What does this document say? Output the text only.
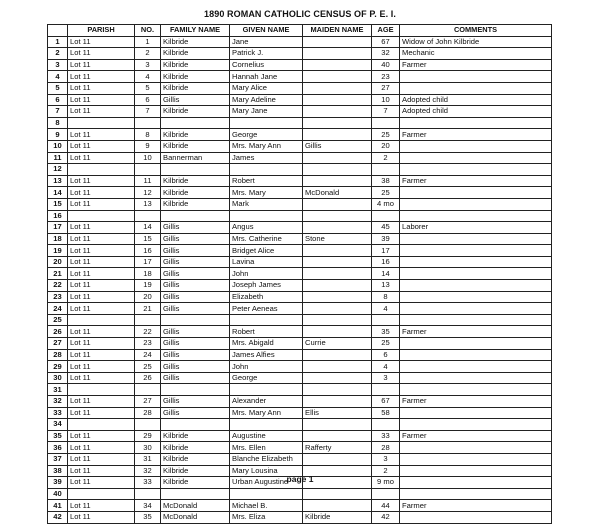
1890 ROMAN CATHOLIC CENSUS OF P. E. I.
	PARISH	NO.	FAMILY NAME	GIVEN NAME	MAIDEN NAME	AGE	COMMENTS
1	Lot 11	1	Kilbride	Jane		67	Widow of John Kilbride
2	Lot 11	2	Kilbride	Patrick J.		32	Mechanic
3	Lot 11	3	Kilbride	Cornelius		40	Farmer
4	Lot 11	4	Kilbride	Hannah Jane		23	
5	Lot 11	5	Kilbride	Mary Alice		27	
6	Lot 11	6	Gillis	Mary Adeline		10	Adopted child
7	Lot 11	7	Kilbride	Mary Jane		7	Adopted child
8							
9	Lot 11	8	Kilbride	George		25	Farmer
10	Lot 11	9	Kilbride	Mrs. Mary Ann	Gillis	20	
11	Lot 11	10	Bannerman	James		2	
12							
13	Lot 11	11	Kilbride	Robert		38	Farmer
14	Lot 11	12	Kilbride	Mrs. Mary	McDonald	25	
15	Lot 11	13	Kilbride	Mark		4 mo	
16							
17	Lot 11	14	Gillis	Angus		45	Laborer
18	Lot 11	15	Gillis	Mrs. Catherine	Stone	39	
19	Lot 11	16	Gillis	Bridget Alice		17	
20	Lot 11	17	Gillis	Lavina		16	
21	Lot 11	18	Gillis	John		14	
22	Lot 11	19	Gillis	Joseph James		13	
23	Lot 11	20	Gillis	Elizabeth		8	
24	Lot 11	21	Gillis	Peter Aeneas		4	
25							
26	Lot 11	22	Gillis	Robert		35	Farmer
27	Lot 11	23	Gillis	Mrs. Abigald	Currie	25	
28	Lot 11	24	Gillis	James Alfies		6	
29	Lot 11	25	Gillis	John		4	
30	Lot 11	26	Gillis	George		3	
31							
32	Lot 11	27	Gillis	Alexander		67	Farmer
33	Lot 11	28	Gillis	Mrs. Mary Ann	Ellis	58	
34							
35	Lot 11	29	Kilbride	Augustine		33	Farmer
36	Lot 11	30	Kilbride	Mrs. Ellen	Rafferty	28	
37	Lot 11	31	Kilbride	Blanche Elizabeth		3	
38	Lot 11	32	Kilbride	Mary Lousina		2	
39	Lot 11	33	Kilbride	Urban Augustine		9 mo	
40							
41	Lot 11	34	McDonald	Michael B.		44	Farmer
42	Lot 11	35	McDonald	Mrs. Eliza	Kilbride	42	
page 1
